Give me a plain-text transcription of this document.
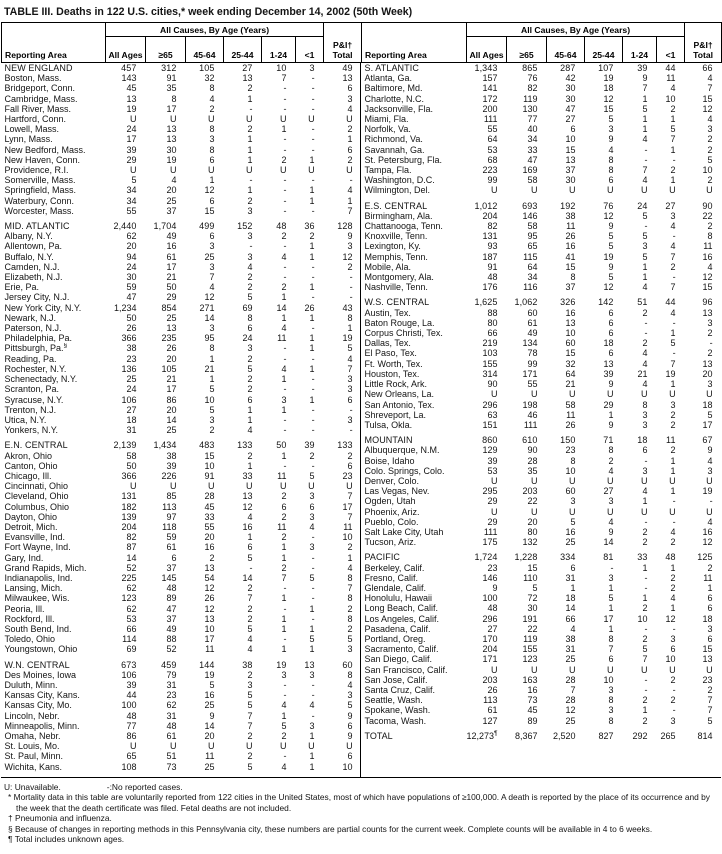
TABLE III. Deaths in 122 U.S. cities,* week ending December 14, 2002 (50th Week)
Reporting Area	All Causes, By Age (Years)						P&I† Total
	All Ages	≥65	45-64	25-44	1-24	<1	
NEW ENGLAND	457	312	105	27	10	3	49
Boston, Mass.	143	91	32	13	7	-	13
Bridgeport, Conn.	45	35	8	2	-	-	6
Cambridge, Mass.	13	8	4	1	-	-	3
Fall River, Mass.	19	17	2	-	-	-	4
Hartford, Conn.	U	U	U	U	U	U	U
Lowell, Mass.	24	13	8	2	1	-	2
Lynn, Mass.	17	13	3	1	-	-	1
New Bedford, Mass.	39	30	8	1	-	-	6
New Haven, Conn.	29	19	6	1	2	1	2
Providence, R.I.	U	U	U	U	U	U	U
Somerville, Mass.	5	4	1	-	-	-	-
Springfield, Mass.	34	20	12	1	-	1	4
Waterbury, Conn.	34	25	6	2	-	1	1
Worcester, Mass.	55	37	15	3	-	-	7

MID. ATLANTIC	2,440	1,704	499	152	48	36	128
Albany, N.Y.	62	49	6	3	2	2	9
Allentown, Pa.	20	16	3	-	-	1	3
Buffalo, N.Y.	94	61	25	3	4	1	12
Camden, N.J.	24	17	3	4	-	-	2
Elizabeth, N.J.	30	21	7	2	-	-	-
Erie, Pa.	59	50	4	2	2	1	-
Jersey City, N.J.	47	29	12	5	1	-	-
New York City, N.Y.	1,234	854	271	69	14	26	43
Newark, N.J.	50	25	14	8	1	1	8
Paterson, N.J.	26	13	3	6	4	-	1
Philadelphia, Pa.	366	235	95	24	11	1	19
Pittsburgh, Pa.§	38	26	8	3	-	1	5
Reading, Pa.	23	20	1	2	-	-	4
Rochester, N.Y.	136	105	21	5	4	1	7
Schenectady, N.Y.	25	21	1	2	1	-	3
Scranton, Pa.	24	17	5	2	-	-	3
Syracuse, N.Y.	106	86	10	6	3	1	6
Trenton, N.J.	27	20	5	1	1	-	-
Utica, N.Y.	18	14	3	1	-	-	3
Yonkers, N.Y.	31	25	2	4	-	-	-

E.N. CENTRAL	2,139	1,434	483	133	50	39	133
Akron, Ohio	58	38	15	2	1	2	2
Canton, Ohio	50	39	10	1	-	-	6
Chicago, Ill.	366	226	91	33	11	5	23
Cincinnati, Ohio	U	U	U	U	U	U	U
Cleveland, Ohio	131	85	28	13	2	3	7
Columbus, Ohio	182	113	45	12	6	6	17
Dayton, Ohio	139	97	33	4	2	3	7
Detroit, Mich.	204	118	55	16	11	4	11
Evansville, Ind.	82	59	20	1	2	-	10
Fort Wayne, Ind.	87	61	16	6	1	3	2
Gary, Ind.	14	6	2	5	1	-	1
Grand Rapids, Mich.	52	37	13	-	2	-	4
Indianapolis, Ind.	225	145	54	14	7	5	8
Lansing, Mich.	62	48	12	2	-	-	7
Milwaukee, Wis.	123	89	26	7	1	-	8
Peoria, Ill.	62	47	12	2	-	1	2
Rockford, Ill.	53	37	13	2	1	-	8
South Bend, Ind.	66	49	10	5	1	1	2
Toledo, Ohio	114	88	17	4	-	5	5
Youngstown, Ohio	69	52	11	4	1	1	3

W.N. CENTRAL	673	459	144	38	19	13	60
Des Moines, Iowa	106	79	19	2	3	3	8
Duluth, Minn.	39	31	5	3	-	-	4
Kansas City, Kans.	44	23	16	5	-	-	3
Kansas City, Mo.	100	62	25	5	4	4	5
Lincoln, Nebr.	48	31	9	7	1	-	9
Minneapolis, Minn.	77	48	14	7	5	3	6
Omaha, Nebr.	86	61	20	2	2	1	9
St. Louis, Mo.	U	U	U	U	U	U	U
St. Paul, Minn.	65	51	11	2	-	1	6
Wichita, Kans.	108	73	25	5	4	1	10
Reporting Area	All Causes, By Age (Years)						P&I† Total
	All Ages	≥65	45-64	25-44	1-24	<1	
S. ATLANTIC	1,343	865	287	107	39	44	66
Atlanta, Ga.	157	76	42	19	9	11	4
Baltimore, Md.	141	82	30	18	7	4	7
Charlotte, N.C.	172	119	30	12	1	10	15
Jacksonville, Fla.	200	130	47	15	5	2	12
Miami, Fla.	111	77	27	5	1	1	4
Norfolk, Va.	55	40	6	3	1	5	3
Richmond, Va.	64	34	10	9	4	7	2
Savannah, Ga.	53	33	15	4	-	1	2
St. Petersburg, Fla.	68	47	13	8	-	-	5
Tampa, Fla.	223	169	37	8	7	2	10
Washington, D.C.	99	58	30	6	4	1	2
Wilmington, Del.	U	U	U	U	U	U	U

E.S. CENTRAL	1,012	693	192	76	24	27	90
Birmingham, Ala.	204	146	38	12	5	3	22
Chattanooga, Tenn.	82	58	11	9	-	4	2
Knoxville, Tenn.	131	95	26	5	5	-	8
Lexington, Ky.	93	65	16	5	3	4	11
Memphis, Tenn.	187	115	41	19	5	7	16
Mobile, Ala.	91	64	15	9	1	2	4
Montgomery, Ala.	48	34	8	5	1	-	12
Nashville, Tenn.	176	116	37	12	4	7	15

W.S. CENTRAL	1,625	1,062	326	142	51	44	96
Austin, Tex.	88	60	16	6	2	4	13
Baton Rouge, La.	80	61	13	6	-	-	3
Corpus Christi, Tex.	66	49	10	6	-	1	2
Dallas, Tex.	219	134	60	18	2	5	-
El Paso, Tex.	103	78	15	6	4	-	2
Ft. Worth, Tex.	155	99	32	13	4	7	13
Houston, Tex.	314	171	64	39	21	19	20
Little Rock, Ark.	90	55	21	9	4	1	3
New Orleans, La.	U	U	U	U	U	U	U
San Antonio, Tex.	296	198	58	29	8	3	18
Shreveport, La.	63	46	11	1	3	2	5
Tulsa, Okla.	151	111	26	9	3	2	17

MOUNTAIN	860	610	150	71	18	11	67
Albuquerque, N.M.	129	90	23	8	6	2	9
Boise, Idaho	39	28	8	2	-	1	4
Colo. Springs, Colo.	53	35	10	4	3	1	3
Denver, Colo.	U	U	U	U	U	U	U
Las Vegas, Nev.	295	203	60	27	4	1	19
Ogden, Utah	29	22	3	3	1	-	-
Phoenix, Ariz.	U	U	U	U	U	U	U
Pueblo, Colo.	29	20	5	4	-	-	4
Salt Lake City, Utah	111	80	16	9	2	4	16
Tucson, Ariz.	175	132	25	14	2	2	12

PACIFIC	1,724	1,228	334	81	33	48	125
Berkeley, Calif.	23	15	6	-	1	1	2
Fresno, Calif.	146	110	31	3	-	2	11
Glendale, Calif.	9	5	1	1	-	2	1
Honolulu, Hawaii	100	72	18	5	1	4	6
Long Beach, Calif.	48	30	14	1	2	1	6
Los Angeles, Calif.	296	191	66	17	10	12	18
Pasadena, Calif.	27	22	4	1	-	-	3
Portland, Oreg.	170	119	38	8	2	3	6
Sacramento, Calif.	204	155	31	7	5	6	15
San Diego, Calif.	171	123	25	6	7	10	13
San Francisco, Calif.	U	U	U	U	U	U	U
San Jose, Calif.	203	163	28	10	-	2	23
Santa Cruz, Calif.	26	16	7	3	-	-	2
Seattle, Wash.	113	73	28	8	2	2	7
Spokane, Wash.	61	45	12	3	1	-	7
Tacoma, Wash.	127	89	25	8	2	3	5

TOTAL	12,273¶	8,367	2,520	827	292	265	814
U: Unavailable.	-:No reported cases.
* Mortality data in this table are voluntarily reported from 122 cities in the United States, most of which have populations of ≥100,000. A death is reported by the place of its occurrence and by the week that the death certificate was filed. Fetal deaths are not included.
† Pneumonia and influenza.
§ Because of changes in reporting methods in this Pennsylvania city, these numbers are partial counts for the current week. Complete counts will be available in 4 to 6 weeks.
¶ Total includes unknown ages.
